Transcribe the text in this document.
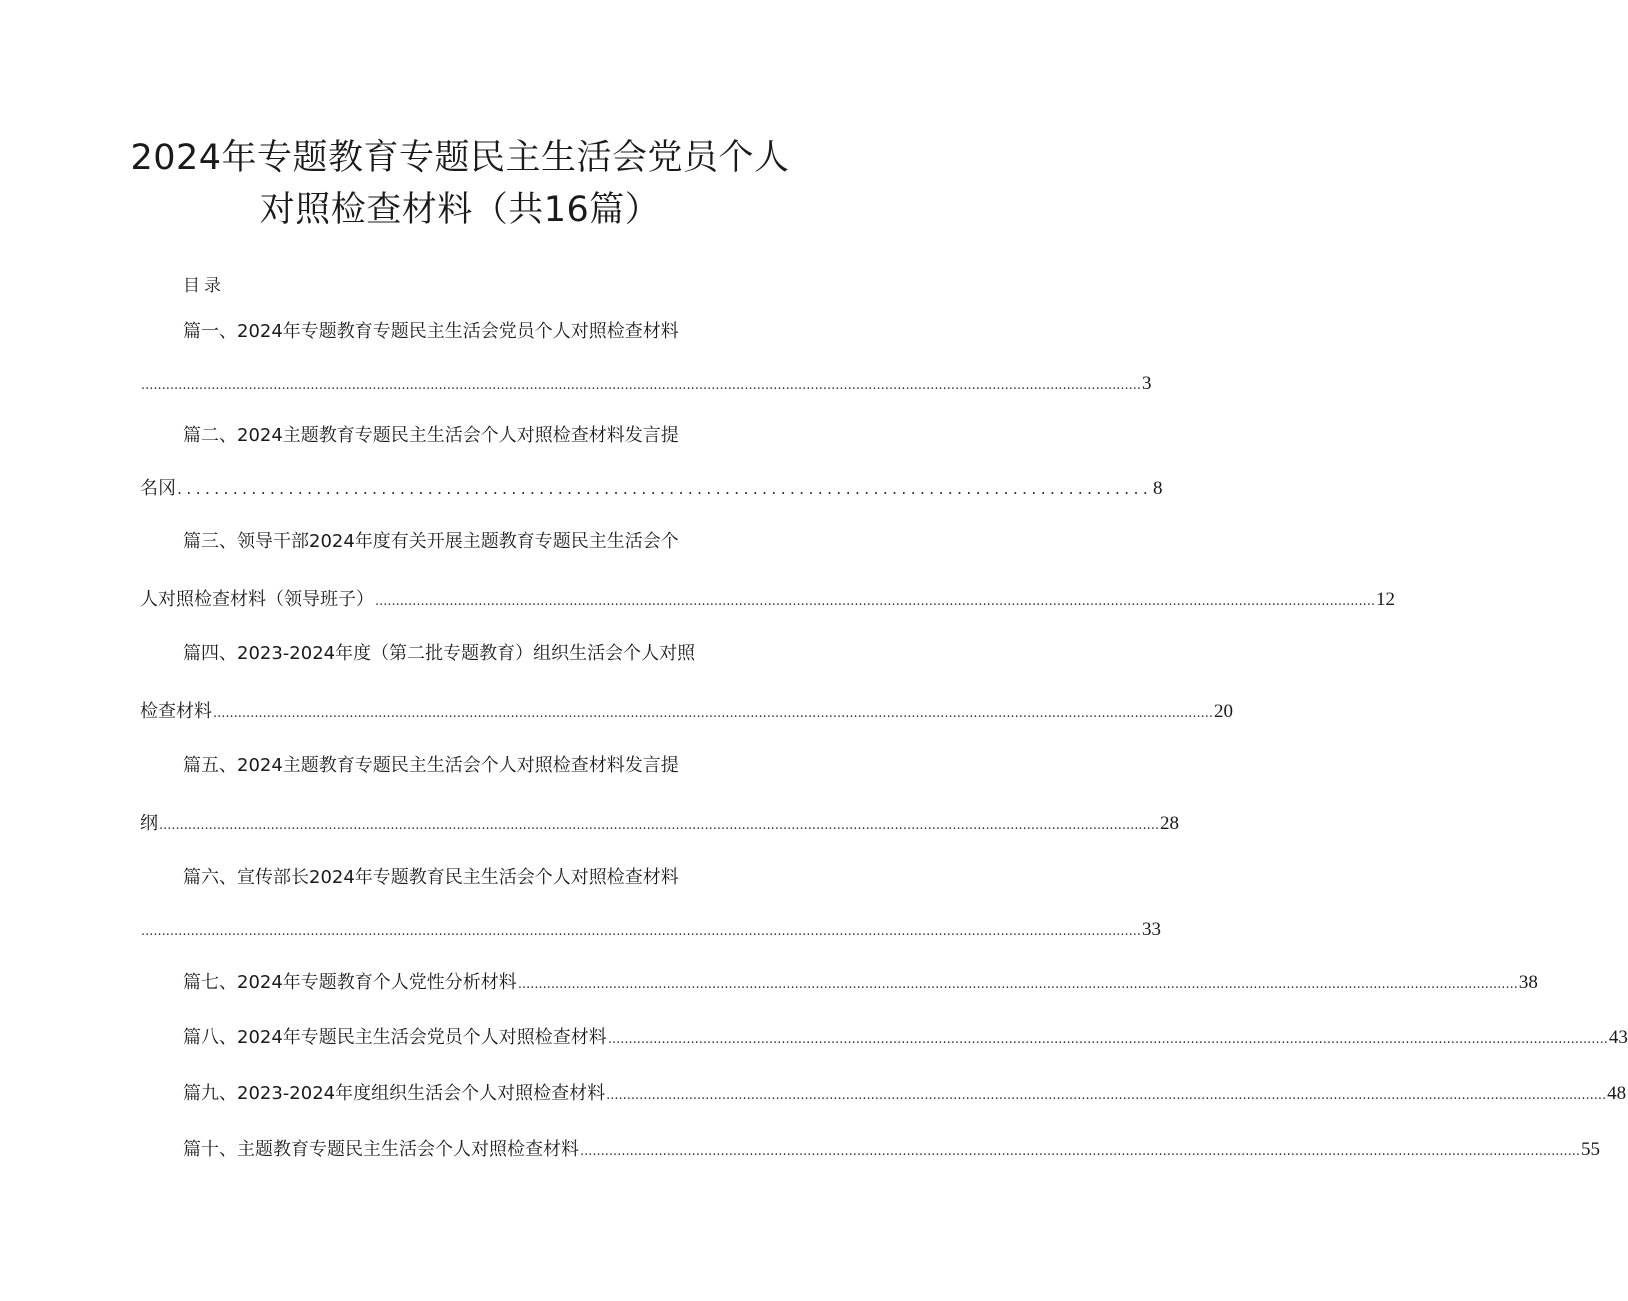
2024年专题教育专题民主生活会党员个人
对照检查材料（共16篇）
目录
篇一、2024年专题教育专题民主生活会党员个人对照检查材料
.................................................................................................................................................................................................................................................. 3
篇二、2024主题教育专题民主生活会个人对照检查材料发言提
名冈 ......................................................................................................... 8
篇三、领导干部2024年度有关开展主题教育专题民主生活会个
人对照检查材料（领导班子） .................................................................................................................................................................................................................................................. 12
篇四、2023-2024年度（第二批专题教育）组织生活会个人对照
检查材料 .................................................................................................................................................................................................................................................. 20
篇五、2024主题教育专题民主生活会个人对照检查材料发言提
纲 .................................................................................................................................................................................................................................................. 28
篇六、宣传部长2024年专题教育民主生活会个人对照检查材料
.................................................................................................................................................................................................................................................. 33
篇七、2024年专题教育个人党性分析材料 .................................................................................................................................................................................................................................................. 38
篇八、2024年专题民主生活会党员个人对照检查材料 .................................................................................................................................................................................................................................................. 43
篇九、2023-2024年度组织生活会个人对照检查材料 .................................................................................................................................................................................................................................................. 48
篇十、主题教育专题民主生活会个人对照检查材料 .................................................................................................................................................................................................................................................. 55
